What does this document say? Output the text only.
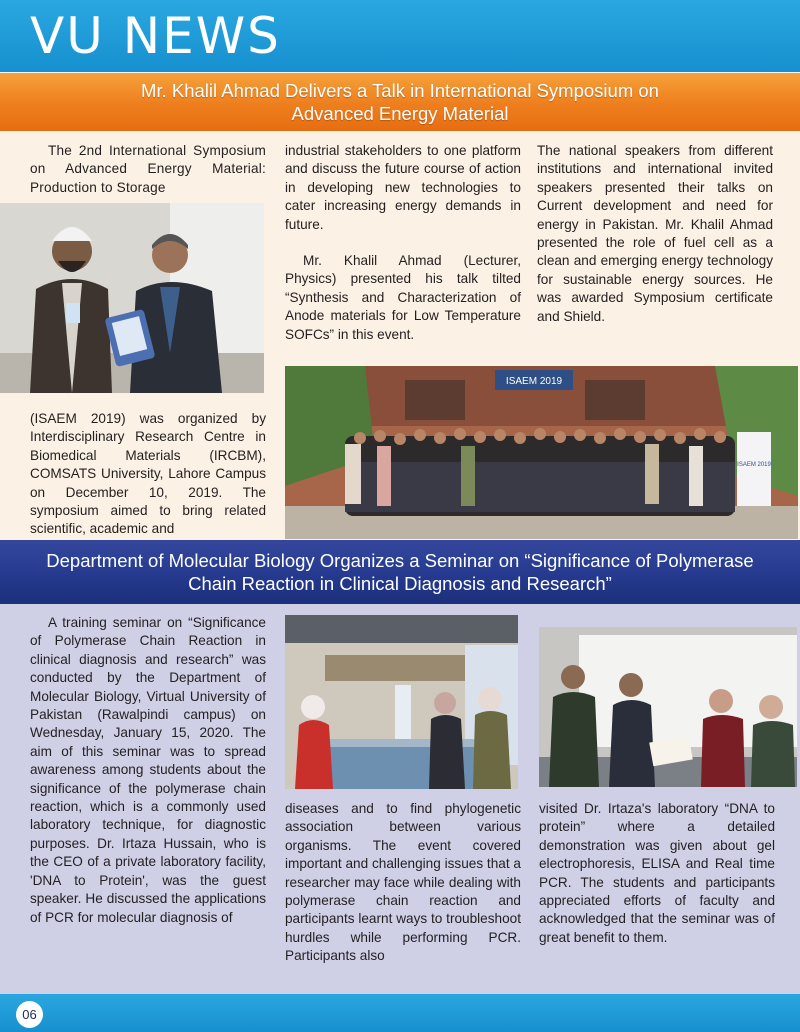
VU NEWS
Mr. Khalil Ahmad Delivers a Talk in International Symposium on
Advanced Energy Material

The 2nd International Symposium on Advanced Energy Material: Production to Storage

(ISAEM 2019) was organized by Interdisciplinary Research Centre in Biomedical Materials (IRCBM), COMSATS University, Lahore Campus on December 10, 2019. The symposium aimed to bring related scientific, academic and

industrial stakeholders to one platform and discuss the future course of action in developing new technologies to cater increasing energy demands in future.

Mr. Khalil Ahmad (Lecturer, Physics) presented his talk tilted “Synthesis and Characterization of Anode materials for Low Temperature SOFCs” in this event.

The national speakers from different institutions and international invited speakers presented their talks on Current development and need for energy in Pakistan. Mr. Khalil Ahmad presented the role of fuel cell as a clean and emerging energy technology for sustainable energy sources. He was awarded Symposium certificate and Shield.

ISAEM 2019
ISAEM 2019
Department of Molecular Biology Organizes a Seminar on “Significance of Polymerase
Chain Reaction in Clinical Diagnosis and Research”

A training seminar on “Significance of Polymerase Chain Reaction in clinical diagnosis and research” was conducted by the Department of Molecular Biology, Virtual University of Pakistan (Rawalpindi campus) on Wednesday, January 15, 2020. The aim of this seminar was to spread awareness among students about the significance of the polymerase chain reaction, which is a commonly used laboratory technique, for diagnostic purposes. Dr. Irtaza Hussain, who is the CEO of a private laboratory facility, 'DNA to Protein', was the guest speaker. He discussed the applications of PCR for molecular diagnosis of

diseases and to find phylogenetic association between various organisms. The event covered important and challenging issues that a researcher may face while dealing with polymerase chain reaction and participants learnt ways to troubleshoot hurdles while performing PCR. Participants also

visited Dr. Irtaza's laboratory “DNA to protein” where a detailed demonstration was given about gel electrophoresis, ELISA and Real time PCR. The students and participants appreciated efforts of faculty and acknowledged that the seminar was of great benefit to them.

06
